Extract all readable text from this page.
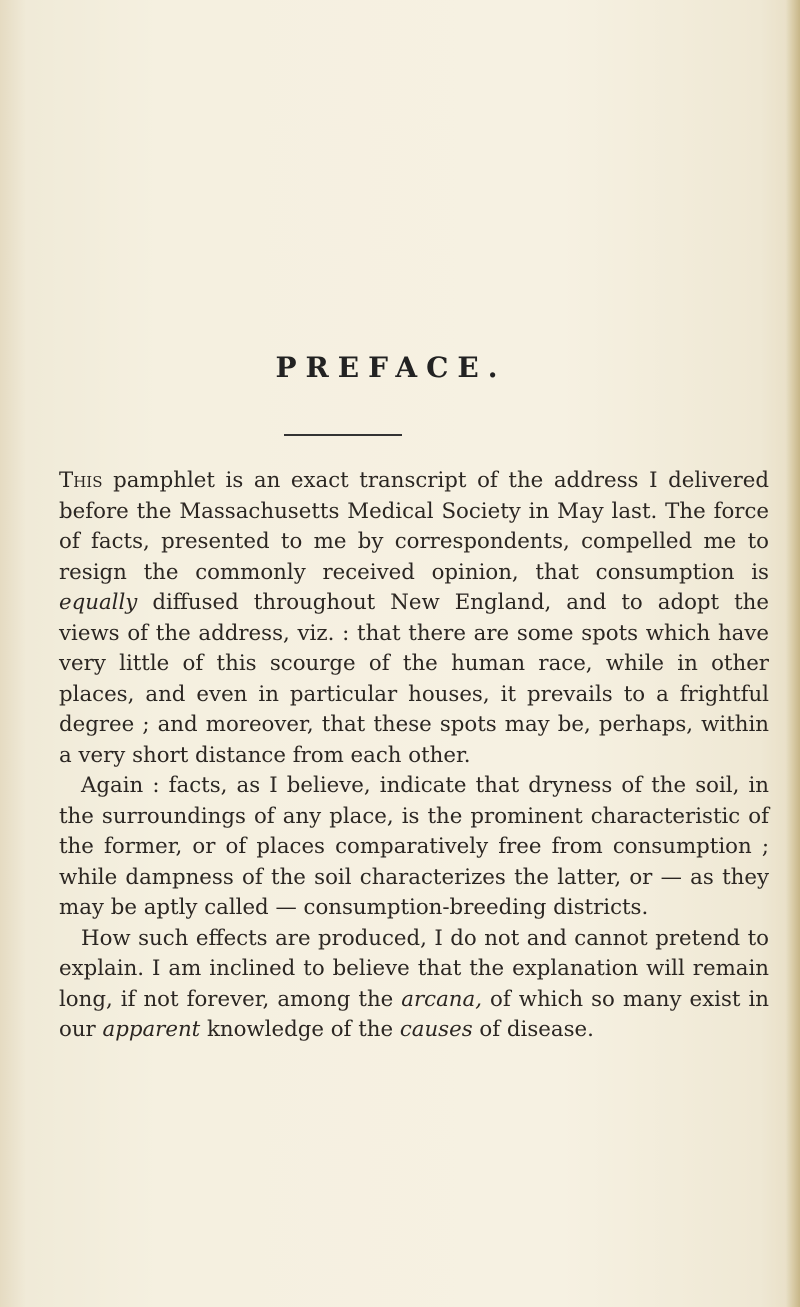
PREFACE.

This pamphlet is an exact transcript of the address I delivered before the Massachusetts Medical Society in May last. The force of facts, presented to me by correspondents, compelled me to resign the commonly received opinion, that consumption is equally diffused throughout New England, and to adopt the views of the address, viz. : that there are some spots which have very little of this scourge of the human race, while in other places, and even in particular houses, it prevails to a frightful degree ; and moreover, that these spots may be, perhaps, within a very short distance from each other.

Again : facts, as I believe, indicate that dryness of the soil, in the surroundings of any place, is the prominent characteristic of the former, or of places comparatively free from consumption ; while dampness of the soil characterizes the latter, or — as they may be aptly called — consumption-breeding districts.

How such effects are produced, I do not and cannot pretend to explain. I am inclined to believe that the explanation will remain long, if not forever, among the arcana, of which so many exist in our apparent knowledge of the causes of disease.
